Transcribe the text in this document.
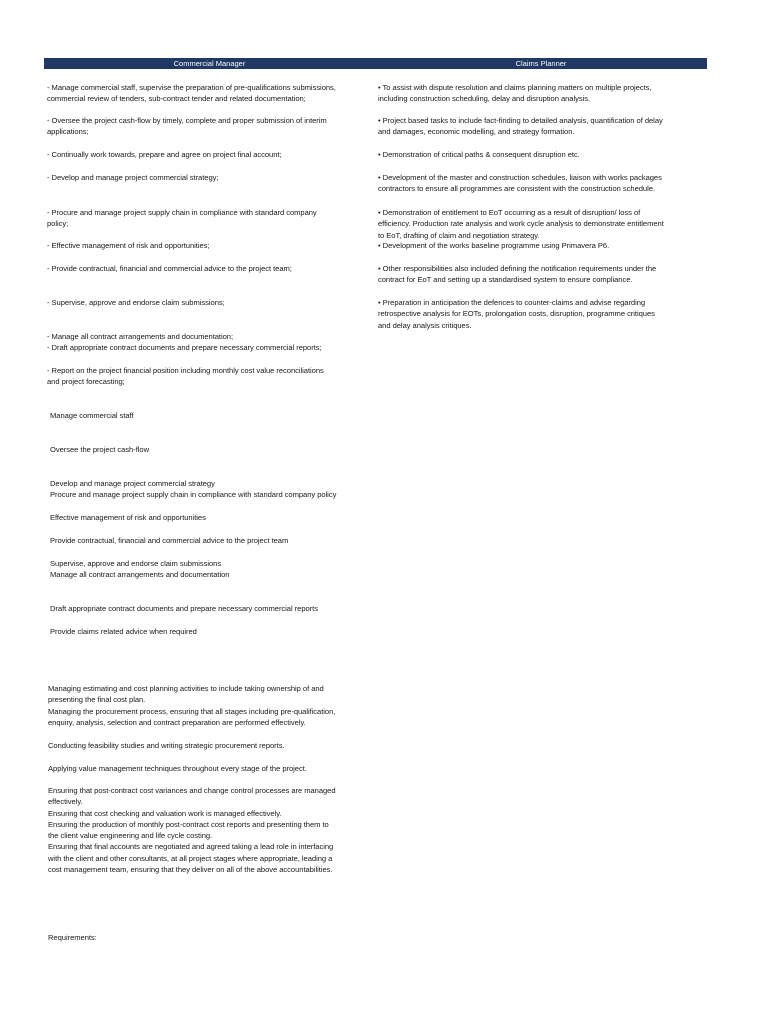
Commercial Manager	Claims Planner
- Manage commercial staff, supervise the preparation of pre-qualifications submissions,
commercial review of tenders, sub-contract tender and related documentation;
- Oversee the project cash-flow by timely, complete and proper submission of interim
applications;
- Continually work towards, prepare and agree on project final account;
- Develop and manage project commercial strategy;
- Procure and manage project supply chain in compliance with standard company
policy;
- Effective management of risk and opportunities;
- Provide contractual, financial and commercial advice to the project team;
- Supervise, approve and endorse claim submissions;
- Manage all contract arrangements and documentation;
- Draft appropriate contract documents and prepare necessary commercial reports;
- Report on the project financial position including monthly cost value reconciliations
and project forecasting;
• To assist with dispute resolution and claims planning matters on multiple projects,
including construction scheduling, delay and disruption analysis.
• Project based tasks to include fact-finding to detailed analysis, quantification of delay
and damages, economic modelling, and strategy formation.
• Demonstration of critical paths & consequent disruption etc.
• Development of the master and construction schedules, liaison with works packages
contractors to ensure all programmes are consistent with the construction schedule.
• Demonstration of entitlement to EoT occurring as a result of disruption/ loss of
efficiency. Production rate analysis and work cycle analysis to demonstrate entitlement
to EoT, drafting of claim and negotiation strategy.
• Development of the works baseline programme using Primavera P6.
• Other responsibilities also included defining the notification requirements under the
contract for EoT and setting up a standardised system to ensure compliance.
• Preparation in anticipation the defences to counter-claims and advise regarding
retrospective analysis for EOTs, prolongation costs, disruption, programme critiques
and delay analysis critiques.
Manage commercial staff
Oversee the project cash-flow
Develop and manage project commercial strategy
Procure and manage project supply chain in compliance with standard company policy
Effective management of risk and opportunities
Provide contractual, financial and commercial advice to the project team
Supervise, approve and endorse claim submissions
Manage all contract arrangements and documentation
Draft appropriate contract documents and prepare necessary commercial reports
Provide claims related advice when required
Managing estimating and cost planning activities to include taking ownership of and
presenting the final cost plan.
Managing the procurement process, ensuring that all stages including pre-qualification,
enquiry, analysis, selection and contract preparation are performed effectively.
Conducting feasibility studies and writing strategic procurement reports.
Applying value management techniques throughout every stage of the project.
Ensuring that post-contract cost variances and change control processes are managed
effectively.
Ensuring that cost checking and valuation work is managed effectively.
Ensuring the production of monthly post-contract cost reports and presenting them to
the client value engineering and life cycle costing.
Ensuring that final accounts are negotiated and agreed taking a lead role in interfacing
with the client and other consultants, at all project stages where appropriate, leading a
cost management team, ensuring that they deliver on all of the above accountabilities.
Requirements:
